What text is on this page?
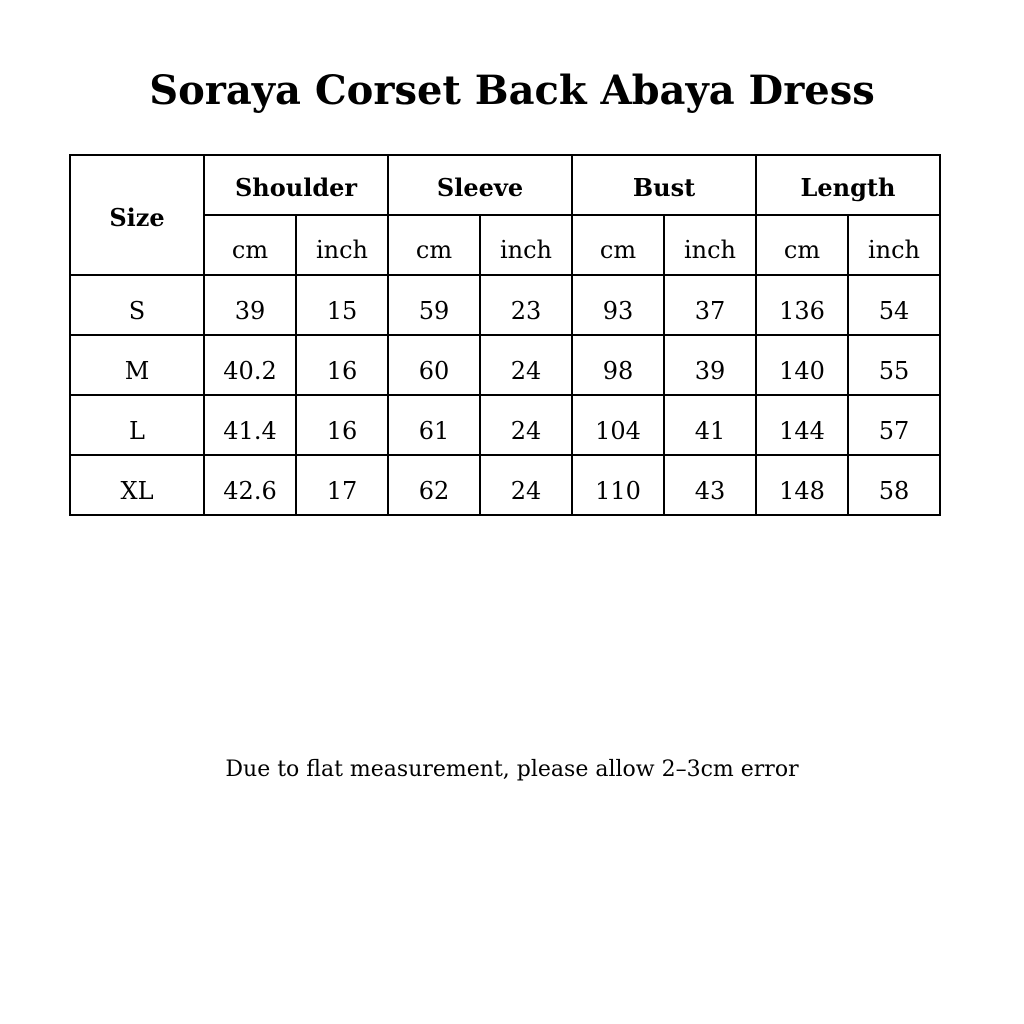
Soraya Corset Back Abaya Dress
Size	Shoulder		Sleeve		Bust		Length	
	cm	inch	cm	inch	cm	inch	cm	inch
S	39	15	59	23	93	37	136	54
M	40.2	16	60	24	98	39	140	55
L	41.4	16	61	24	104	41	144	57
XL	42.6	17	62	24	110	43	148	58
Due to flat measurement, please allow 2–3cm error
